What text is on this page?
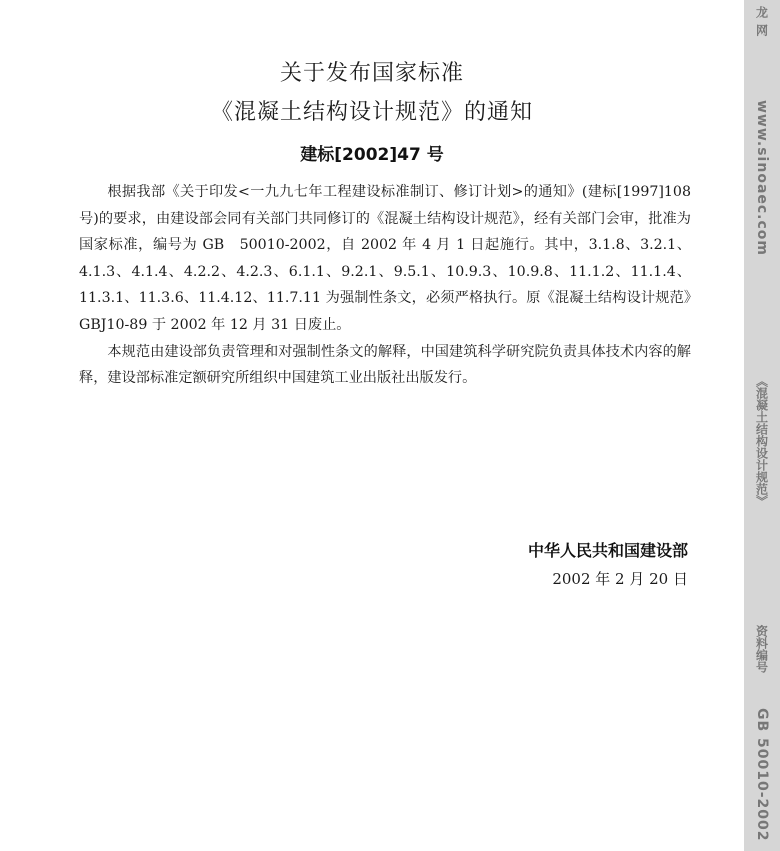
关于发布国家标准
《混凝土结构设计规范》的通知
建标[2002]47 号

根据我部《关于印发<一九九七年工程建设标准制订、修订计划>的通知》(建标[1997]108 号)的要求，由建设部会同有关部门共同修订的《混凝土结构设计规范》，经有关部门会审，批准为国家标准，编号为 GB　50010-2002，自 2002 年 4 月 1 日起施行。其中，3.1.8、3.2.1、4.1.3、4.1.4、4.2.2、4.2.3、6.1.1、9.2.1、9.5.1、10.9.3、10.9.8、11.1.2、11.1.4、11.3.1、11.3.6、11.4.12、11.7.11 为强制性条文，必须严格执行。原《混凝土结构设计规范》GBJ10-89 于 2002 年 12 月 31 日废止。

本规范由建设部负责管理和对强制性条文的解释，中国建筑科学研究院负责具体技术内容的解释，建设部标准定额研究所组织中国建筑工业出版社出版发行。

中华人民共和国建设部
2002 年 2 月 20 日
龙网
www.sinoaec.com
《混凝土结构设计规范》
资料编号
GB 50010-2002
